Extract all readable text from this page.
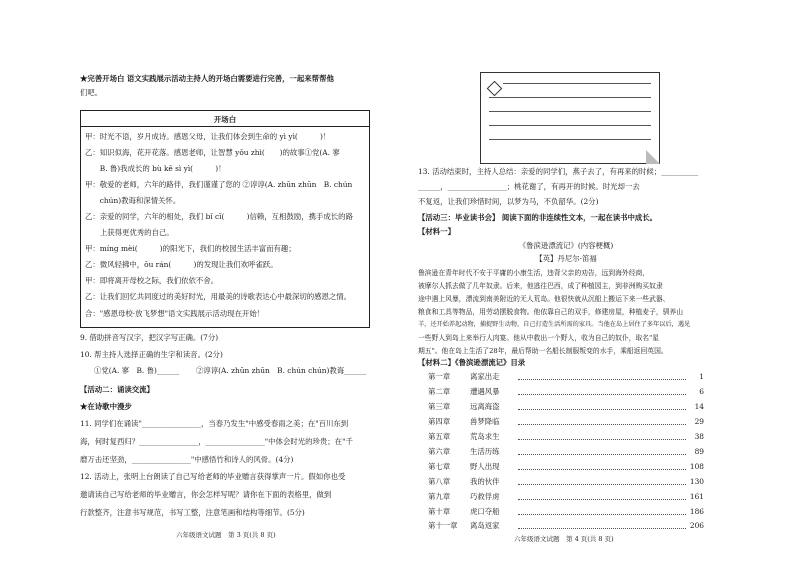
★完善开场白 语文实践展示活动主持人的开场白需要进行完善，一起来帮帮他
们吧。
开场白
甲：时光不语，岁月成诗。感恩父母，让我们体会到生命的 yì yì(　　　)！
乙：知识似海，花开花落。感恩老师，让智慧 yǒu zhì(　　)的故事①党(A. 寥
　　B. 鲁)我成长的 bù kě sì yì(　　　)！
甲：敬爱的老师，六年的路伴，我们谨谨了您的 ②谆谆(A. zhūn zhūn　B. chún
　　chún)教诲和深情关怀。
乙：亲爱的同学，六年的相处，我们 bǐ cǐ(　　　)信赖，互相鼓励，携手成长的路
　　上获得更优秀的自己。
甲：míng mèi(　　　)的阳光下，我们的校园生活丰富而有趣；
乙：微风轻拂中，ōu rán(　　　)的发现让我们欢呼雀跃。
甲：即将离开母校之际，我们依依不舍。
乙：让我们回忆共同度过的美好时光，用最美的诗歌表达心中最深切的感恩之情。
合："感恩母校·放飞梦想"语文实践展示活动现在开始！
9. 借助拼音写汉字，把汉字写正确。(7分)
10. 帮主持人选择正确的生字和读音。(2分)
①党(A. 寥　B. 鲁)______ ②谆谆(A. zhūn zhūn　B. chún chún)教诲______
【活动二：诵读交流】
★在诗歌中漫步
11. 同学们在诵读"________________，当春乃发生"中感受春雨之美；在"百川东到
海，何时复西归？________________，________________"中体会时光的珍贵；在"千
磨万击还坚劲，________________"中感悟竹和诗人的风骨。(4分)
12. 活动上，张明上台朗读了自己写给老师的毕业赠言获得掌声一片。假如你也受
邀请读自己写给老师的毕业赠言，你会怎样写呢？请你在下面的表格里，做到
行款整齐，注意书写规范，书写工整，注意笔画和结构等细节。(5分)
六年级语文试题　第 3 页(共 8 页)
13. 活动结束时，主持人总结：亲爱的同学们，燕子去了，有再来的时候；__________
______，________________；桃花谢了，有再开的时候。时光却一去
不复返，让我们珍惜时间，以梦为马，不负韶华。(2分)
【活动三：毕业读书会】 阅读下面的非连续性文本，一起在读书中成长。
【材料一】
《鲁滨逊漂流记》(内容梗概)
【英】丹尼尔·笛福
鲁滨逊在青年时代不安于平庸的小康生活，违背父亲的劝告，远到海外经商，
被摩尔人抓去做了几年奴隶。后来，他逃往巴西，成了种植园主，到非洲购买奴隶
途中遇上风暴，漂流到南美附近的无人荒岛。他很快就从沉船上搬运下来一些武器、
粮食和工具等物品，用劳动摆脱食物。他依靠自己的双手，修建房屋，种植麦子，驯养山
羊，还开始养起动物，捕捉野生动物，自己打造生活所需的家具。当他在岛上居住了多年以后，遇见
一些野人到岛上来举行人肉宴。他从中救出一个野人，收为自己的奴仆，取名"星
期五"。他在岛上生活了28年，最后帮助一名船长制服叛变的水手，乘船返回英国。
【材料二】《鲁滨逊漂流记》目录
第一章	离家出走	1
第二章	遭遇风暴	6
第三章	远离海盗	14
第四章	兽梦降临	29
第五章	荒岛求生	38
第六章	生活历练	89
第七章	野人出现	108
第八章	我的伙伴	130
第九章	巧救俘虏	161
第十章	虎口夺船	186
第十一章 离岛返家	206
六年级语文试题　第 4 页(共 8 页)
